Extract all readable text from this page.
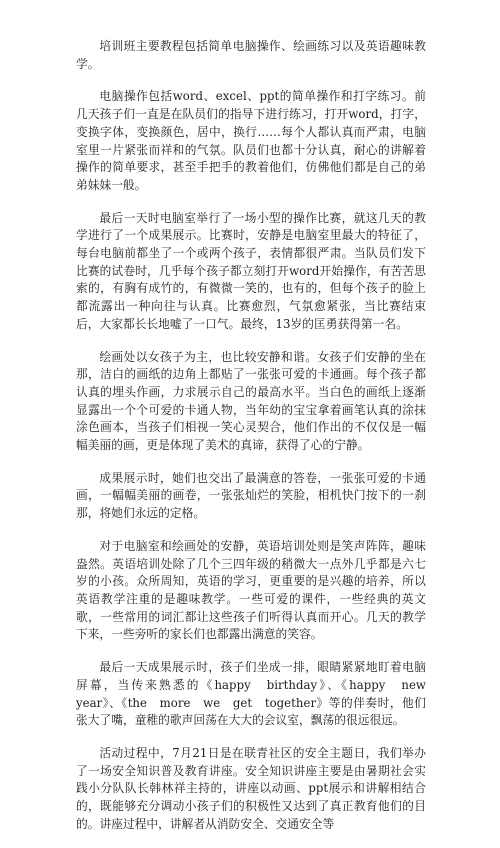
培训班主要教程包括简单电脑操作、绘画练习以及英语趣味教学。

电脑操作包括word、excel、ppt的简单操作和打字练习。前几天孩子们一直是在队员们的指导下进行练习，打开word，打字，变换字体，变换颜色，居中，换行……每个人都认真而严肃，电脑室里一片紧张而祥和的气氛。队员们也都十分认真，耐心的讲解着操作的简单要求，甚至手把手的教着他们，仿佛他们都是自己的弟弟妹妹一般。

最后一天时电脑室举行了一场小型的操作比赛，就这几天的教学进行了一个成果展示。比赛时，安静是电脑室里最大的特征了，每台电脑前都坐了一个或两个孩子，表情都很严肃。当队员们发下比赛的试卷时，几乎每个孩子都立刻打开word开始操作，有苦苦思索的，有胸有成竹的，有微微一笑的，也有的，但每个孩子的脸上都流露出一种向往与认真。比赛愈烈，气氛愈紧张，当比赛结束后，大家都长长地嘘了一口气。最终，13岁的匡勇获得第一名。

绘画处以女孩子为主，也比较安静和谐。女孩子们安静的坐在那，洁白的画纸的边角上都贴了一张张可爱的卡通画。每个孩子都认真的埋头作画，力求展示自己的最高水平。当白色的画纸上逐渐显露出一个个可爱的卡通人物，当年幼的宝宝拿着画笔认真的涂抹涂色画本，当孩子们相视一笑心灵契合，他们作出的不仅仅是一幅幅美丽的画，更是体现了美术的真谛，获得了心的宁静。

成果展示时，她们也交出了最满意的答卷，一张张可爱的卡通画，一幅幅美丽的画卷，一张张灿烂的笑脸，相机快门按下的一刹那，将她们永远的定格。

对于电脑室和绘画处的安静，英语培训处则是笑声阵阵，趣味盎然。英语培训处除了几个三四年级的稍微大一点外几乎都是六七岁的小孩。众所周知，英语的学习，更重要的是兴趣的培养，所以英语教学注重的是趣味教学。一些可爱的课件，一些经典的英文歌，一些常用的词汇都让这些孩子们听得认真而开心。几天的教学下来，一些旁听的家长们也都露出满意的笑容。

最后一天成果展示时，孩子们坐成一排，眼睛紧紧地盯着电脑屏幕，当传来熟悉的《happy　birthday》、《happy　new　year》、《the　more　we　get　together》等的伴奏时，他们张大了嘴，童稚的歌声回荡在大大的会议室，飘荡的很远很远。

活动过程中，7月21日是在联青社区的安全主题日，我们举办了一场安全知识普及教育讲座。安全知识讲座主要是由暑期社会实践小分队队长韩林祥主持的，讲座以动画、ppt展示和讲解相结合的，既能够充分调动小孩子们的积极性又达到了真正教育他们的目的。讲座过程中，讲解者从消防安全、交通安全等
